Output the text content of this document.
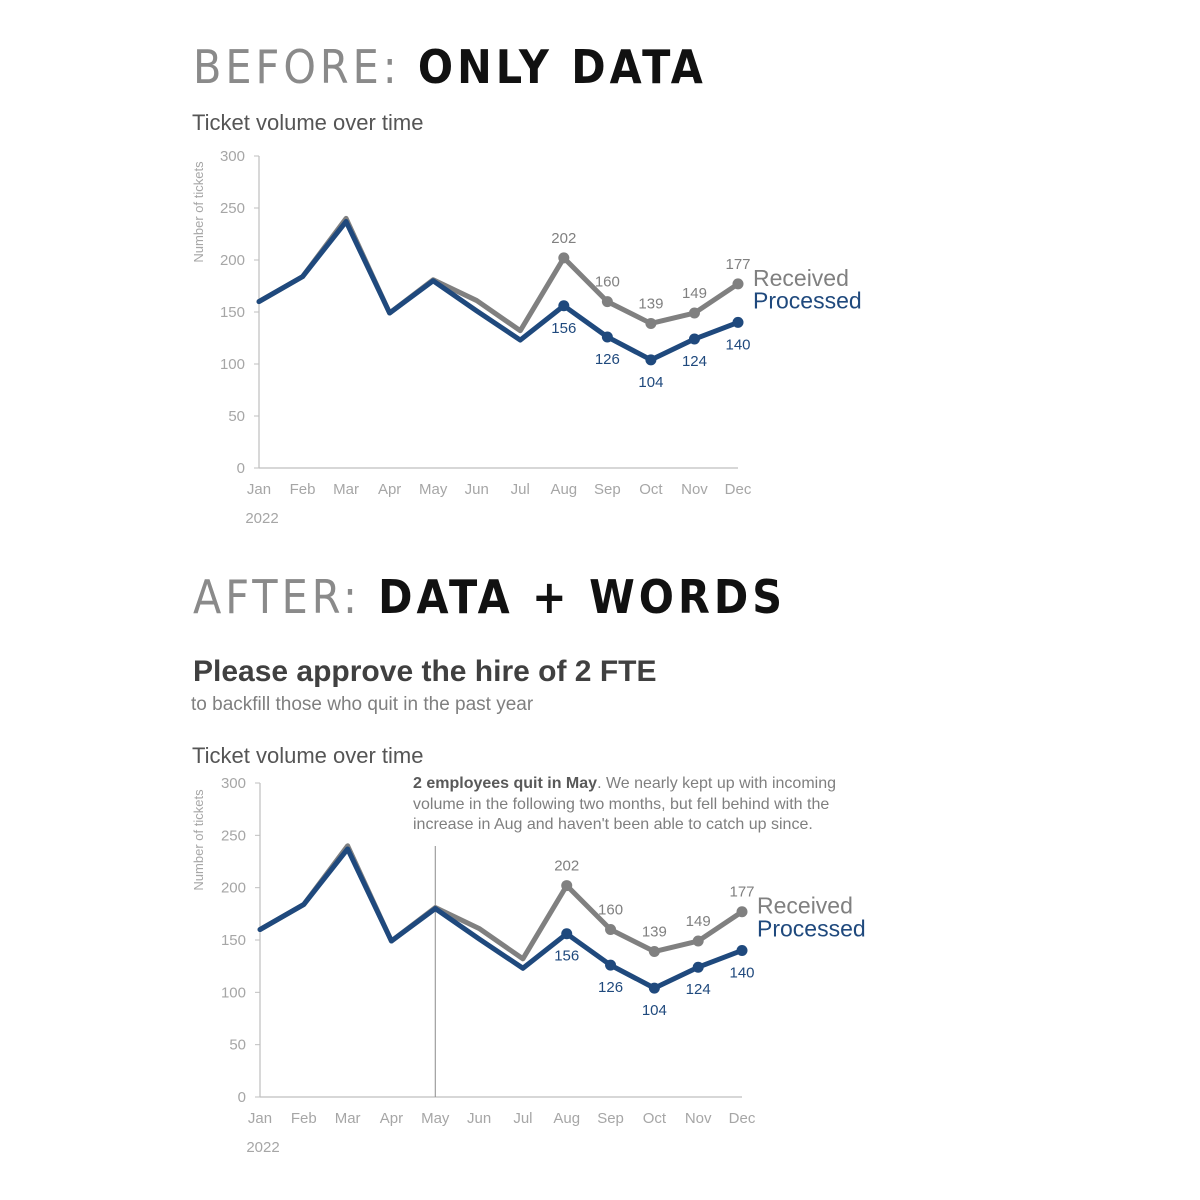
BEFORE: ONLY DATA
Ticket volume over time
0
50
100
150
200
250
300
Number of tickets
Jan Feb Mar Apr May Jun Jul Aug Sep Oct Nov Dec
2022
202
160
139
149
177
Received
156
126
104
124
140
Processed
AFTER: DATA + WORDS
Please approve the hire of 2 FTE
to backfill those who quit in the past year
Ticket volume over time
2 employees quit in May. We nearly kept up with incoming volume in the following two months, but fell behind with the increase in Aug and haven't been able to catch up since.
0
50
100
150
200
250
300
Number of tickets
Jan Feb Mar Apr May Jun Jul Aug Sep Oct Nov Dec
2022
202
160
139
149
177
Received
156
126
104
124
140
Processed
